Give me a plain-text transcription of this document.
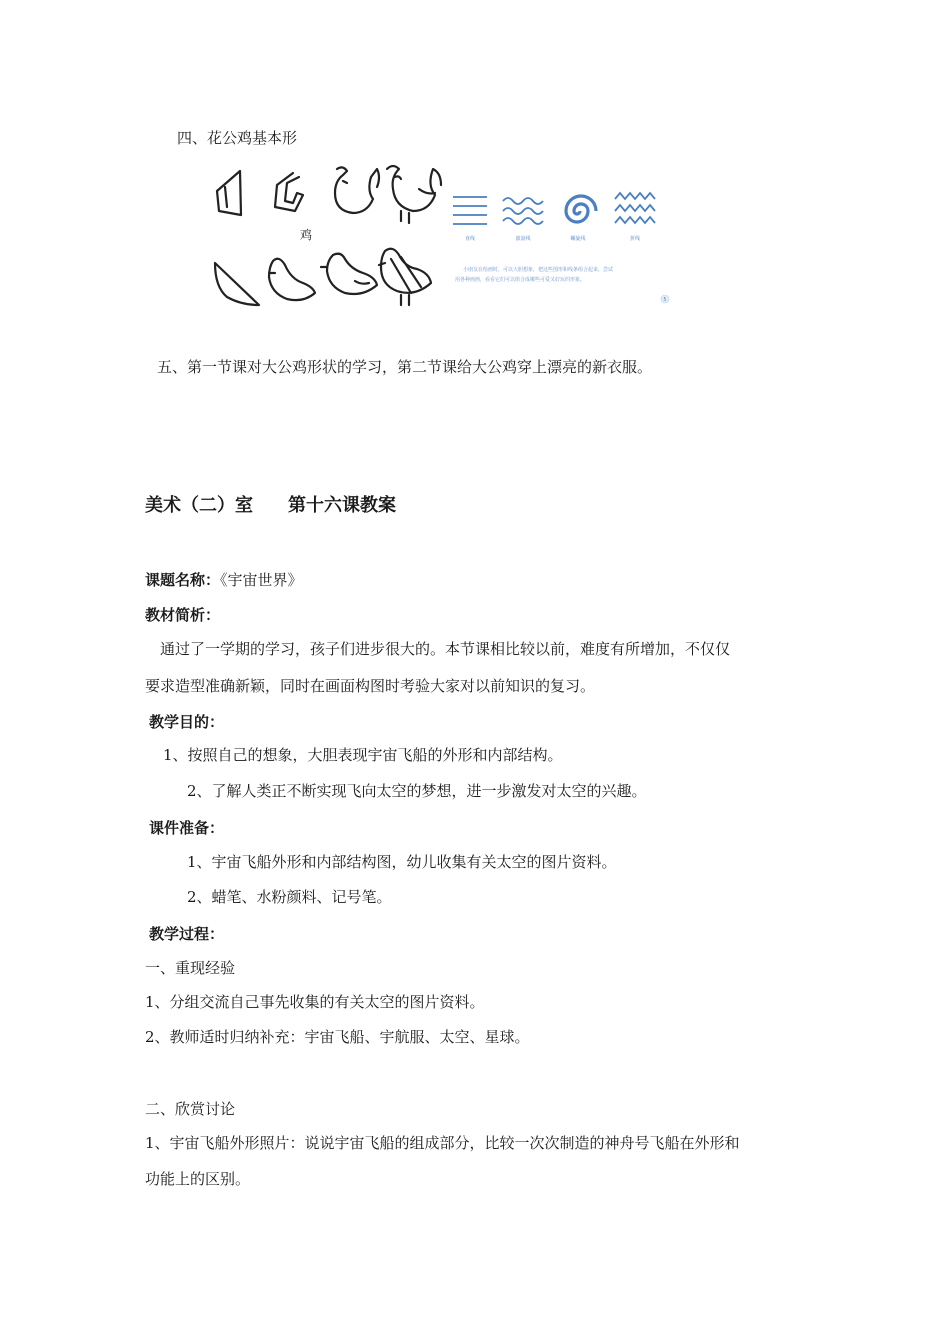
四、花公鸡基本形
鸡	直线	波浪线	螺旋线	折线
小朋友在绘画时，可以大胆想象，把这些图形和线条组合起来，尝试
用各种画画，看看它们可以组合成哪些可爱又好玩的形象。
5
五、第一节课对大公鸡形状的学习，第二节课给大公鸡穿上漂亮的新衣服。
美术（二）室 第十六课教案
课题名称：《宇宙世界》
教材简析：
通过了一学期的学习，孩子们进步很大的。本节课相比较以前，难度有所增加，不仅仅
要求造型准确新颖，同时在画面构图时考验大家对以前知识的复习。
教学目的：
1、按照自己的想象，大胆表现宇宙飞船的外形和内部结构。
2、了解人类正不断实现飞向太空的梦想，进一步激发对太空的兴趣。
课件准备：
1、宇宙飞船外形和内部结构图，幼儿收集有关太空的图片资料。
2、蜡笔、水粉颜料、记号笔。
教学过程：
一、重现经验
1、分组交流自己事先收集的有关太空的图片资料。
2、教师适时归纳补充：宇宙飞船、宇航服、太空、星球。
二、欣赏讨论
1、宇宙飞船外形照片：说说宇宙飞船的组成部分，比较一次次制造的神舟号飞船在外形和
功能上的区别。
